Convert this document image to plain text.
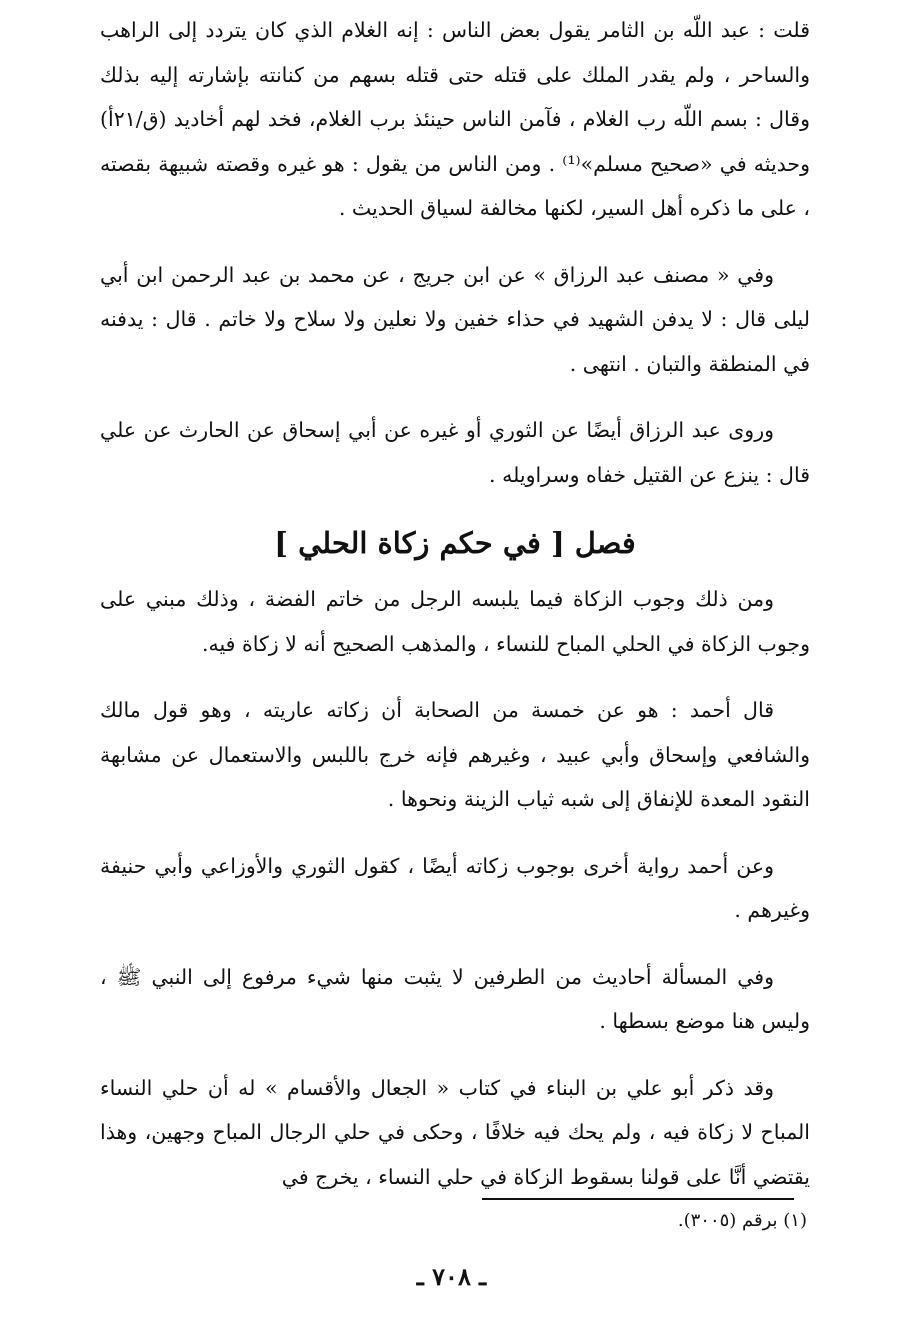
قلت : عبد اللّه بن الثامر يقول بعض الناس : إنه الغلام الذي كان يتردد إلى الراهب والساحر ، ولم يقدر الملك على قتله حتى قتله بسهم من كنانته بإشارته إليه بذلك وقال : بسم اللّه رب الغلام ، فآمن الناس حينئذ برب الغلام، فخد لهم أخاديد (ق/٢١أ) وحديثه في «صحيح مسلم»⁽¹⁾ . ومن الناس من يقول : هو غيره وقصته شبيهة بقصته ، على ما ذكره أهل السير، لكنها مخالفة لسياق الحديث .

وفي « مصنف عبد الرزاق » عن ابن جريج ، عن محمد بن عبد الرحمن ابن أبي ليلى قال : لا يدفن الشهيد في حذاء خفين ولا نعلين ولا سلاح ولا خاتم . قال : يدفنه في المنطقة والتبان . انتهى .

وروى عبد الرزاق أيضًا عن الثوري أو غيره عن أبي إسحاق عن الحارث عن علي قال : ينزع عن القتيل خفاه وسراويله .

فصل [ في حكم زكاة الحلي ]

ومن ذلك وجوب الزكاة فيما يلبسه الرجل من خاتم الفضة ، وذلك مبني على وجوب الزكاة في الحلي المباح للنساء ، والمذهب الصحيح أنه لا زكاة فيه.

قال أحمد : هو عن خمسة من الصحابة أن زكاته عاريته ، وهو قول مالك والشافعي وإسحاق وأبي عبيد ، وغيرهم فإنه خرج باللبس والاستعمال عن مشابهة النقود المعدة للإنفاق إلى شبه ثياب الزينة ونحوها .

وعن أحمد رواية أخرى بوجوب زكاته أيضًا ، كقول الثوري والأوزاعي وأبي حنيفة وغيرهم .

وفي المسألة أحاديث من الطرفين لا يثبت منها شيء مرفوع إلى النبي ﷺ ، وليس هنا موضع بسطها .

وقد ذكر أبو علي بن البناء في كتاب « الجعال والأقسام » له أن حلي النساء المباح لا زكاة فيه ، ولم يحك فيه خلافًا ، وحكى في حلي الرجال المباح وجهين، وهذا يقتضي أنَّا على قولنا بسقوط الزكاة في حلي النساء ، يخرج في

(١) برقم (٣٠٠٥).
ـ ٧٠٨ ـ
